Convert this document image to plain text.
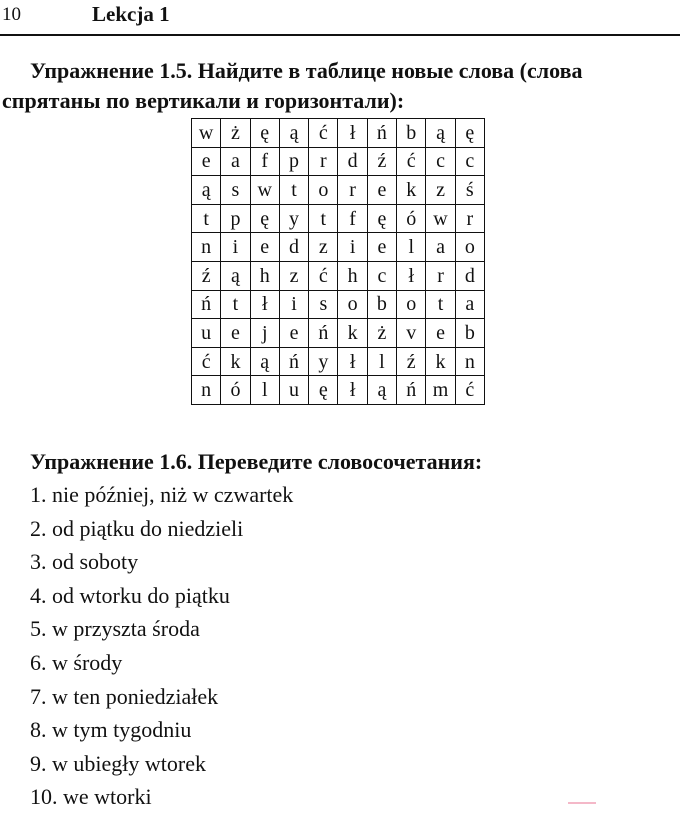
10	Lekcja 1
Упражнение 1.5. Найдите в таблице новые слова (слова
спрятаны по вертикали и горизонтали):
w	ż	ę	ą	ć	ł	ń	b	ą	ę
e	a	f	p	r	d	ź	ć	c	c
ą	s	w	t	o	r	e	k	z	ś
t	p	ę	y	t	f	ę	ó	w	r
n	i	e	d	z	i	e	l	a	o
ź	ą	h	z	ć	h	c	ł	r	d
ń	t	ł	i	s	o	b	o	t	a
u	e	j	e	ń	k	ż	v	e	b
ć	k	ą	ń	y	ł	l	ź	k	n
n	ó	l	u	ę	ł	ą	ń	m	ć
Упражнение 1.6. Переведите словосочетания:
1. nie później, niż w czwartek
2. od piątku do niedzieli
3. od soboty
4. od wtorku do piątku
5. w przyszta środa
6. w środy
7. w ten poniedziałek
8. w tym tygodniu
9. w ubiegły wtorek
10. we wtorki
